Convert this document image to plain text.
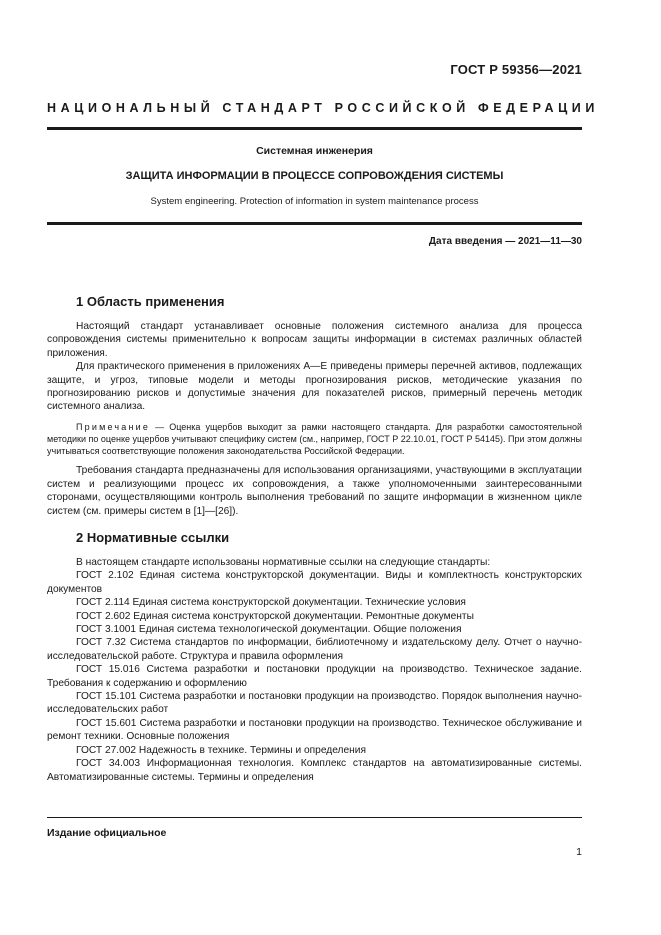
ГОСТ Р 59356—2021
НАЦИОНАЛЬНЫЙ СТАНДАРТ РОССИЙСКОЙ ФЕДЕРАЦИИ
Системная инженерия
ЗАЩИТА ИНФОРМАЦИИ В ПРОЦЕССЕ СОПРОВОЖДЕНИЯ СИСТЕМЫ
System engineering. Protection of information in system maintenance process
Дата введения — 2021—11—30
1 Область применения

Настоящий стандарт устанавливает основные положения системного анализа для процесса сопровождения системы применительно к вопросам защиты информации в системах различных областей приложения.

Для практического применения в приложениях А—Е приведены примеры перечней активов, подлежащих защите, и угроз, типовые модели и методы прогнозирования рисков, методические указания по прогнозированию рисков и допустимые значения для показателей рисков, примерный перечень методик системного анализа.

Примечание — Оценка ущербов выходит за рамки настоящего стандарта. Для разработки самостоятельной методики по оценке ущербов учитывают специфику систем (см., например, ГОСТ Р 22.10.01, ГОСТ Р 54145). При этом должны учитываться соответствующие положения законодательства Российской Федерации.

Требования стандарта предназначены для использования организациями, участвующими в эксплуатации систем и реализующими процесс их сопровождения, а также уполномоченными заинтересованными сторонами, осуществляющими контроль выполнения требований по защите информации в жизненном цикле систем (см. примеры систем в [1]—[26]).

2 Нормативные ссылки

В настоящем стандарте использованы нормативные ссылки на следующие стандарты:

ГОСТ 2.102 Единая система конструкторской документации. Виды и комплектность конструкторских документов

ГОСТ 2.114 Единая система конструкторской документации. Технические условия

ГОСТ 2.602 Единая система конструкторской документации. Ремонтные документы

ГОСТ 3.1001 Единая система технологической документации. Общие положения

ГОСТ 7.32 Система стандартов по информации, библиотечному и издательскому делу. Отчет о научно-исследовательской работе. Структура и правила оформления

ГОСТ 15.016 Система разработки и постановки продукции на производство. Техническое задание. Требования к содержанию и оформлению

ГОСТ 15.101 Система разработки и постановки продукции на производство. Порядок выполнения научно-исследовательских работ

ГОСТ 15.601 Система разработки и постановки продукции на производство. Техническое обслуживание и ремонт техники. Основные положения

ГОСТ 27.002 Надежность в технике. Термины и определения

ГОСТ 34.003 Информационная технология. Комплекс стандартов на автоматизированные системы. Автоматизированные системы. Термины и определения

Издание официальное
1
